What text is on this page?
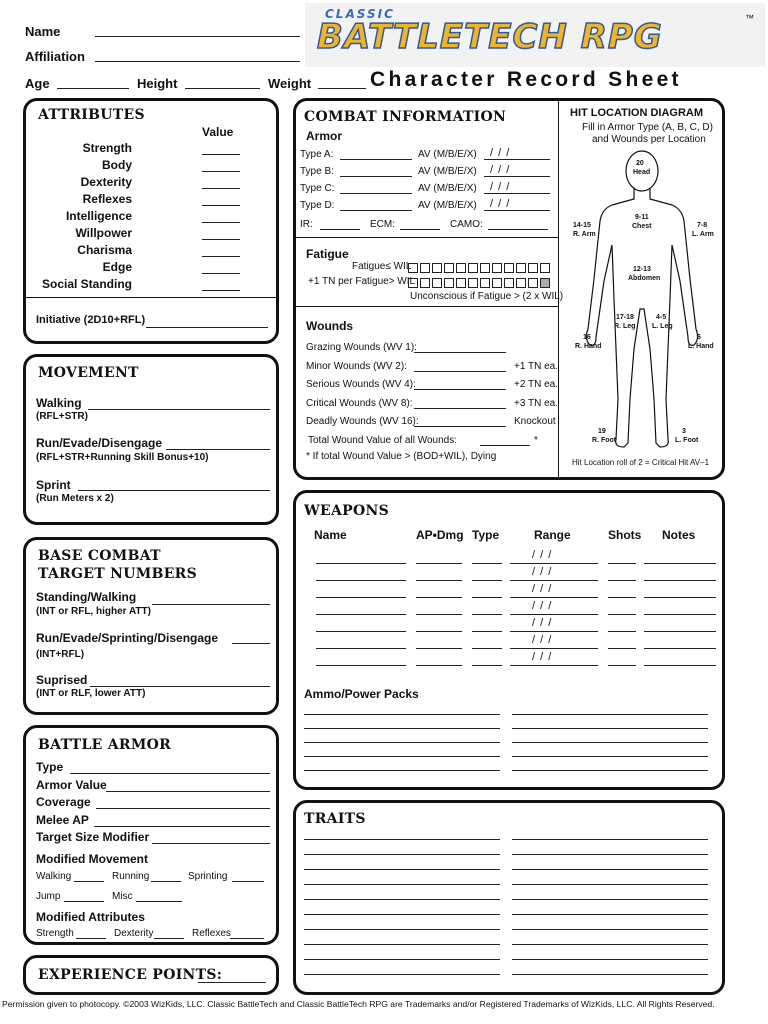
Name
Affiliation
Age	Height	Weight
CLASSIC
BATTLETECH RPG	™
Character Record Sheet
ATTRIBUTES
Value
Initiative (2D10+RFL)
Strength
Body
Dexterity
Reflexes
Intelligence
Willpower
Charisma
Edge
Social Standing
MOVEMENT
Walking
(RFL+STR)
Run/Evade/Disengage
(RFL+STR+Running Skill Bonus+10)
Sprint
(Run Meters x 2)
BASE COMBAT
TARGET NUMBERS
Standing/Walking
(INT or RFL, higher ATT)
Run/Evade/Sprinting/Disengage
(INT+RFL)
Suprised
(INT or RLF, lower ATT)
BATTLE ARMOR
Modified Movement
Walking	Running	Sprinting
Jump	Misc
Modified Attributes
Strength	Dexterity	Reflexes
Type
Armor Value
Coverage
Melee AP
Target Size Modifier
EXPERIENCE POINTS:
COMBAT INFORMATION
Armor
IR:	ECM:	CAMO:
Fatigue
Fatigue≤ WIL
+1 TN per Fatigue> WIL
Unconscious if Fatigue > (2 x WIL)
Wounds
Total Wound Value of all Wounds:	*
* If total Wound Value > (BOD+WIL), Dying
HIT LOCATION DIAGRAM
Fill in Armor Type (A, B, C, D)
and Wounds per Location
20
Head
14-15
R. Arm
9-11
Chest	7-8
L. Arm
12-13
Abdomen
16
R. Hand
17-18
R. Leg
4-5
L. Leg
6
L. Hand
19
R. Foot
3
L. Foot
Hit Location roll of 2 = Critical Hit AV–1
Type A:	AV (M/B/E/X) / / /
Type B:	AV (M/B/E/X) / / /
Type C:	AV (M/B/E/X) / / /
Type D:	AV (M/B/E/X) / / /
Grazing Wounds (WV 1):
Minor Wounds (WV 2):	+1 TN ea.
Serious Wounds (WV 4):	+2 TN ea.
Critical Wounds (WV 8):	+3 TN ea.
Deadly Wounds (WV 16):	Knockout
WEAPONS
Ammo/Power Packs
Name	AP•Dmg Type	Range	Shots Notes
/ / /
/ / /
/ / /
/ / /
/ / /
/ / /
/ / /
TRAITS
Permission given to photocopy. ©2003 WizKids, LLC. Classic BattleTech and Classic BattleTech RPG are Trademarks and/or Registered Trademarks of WizKids, LLC. All Rights Reserved.
